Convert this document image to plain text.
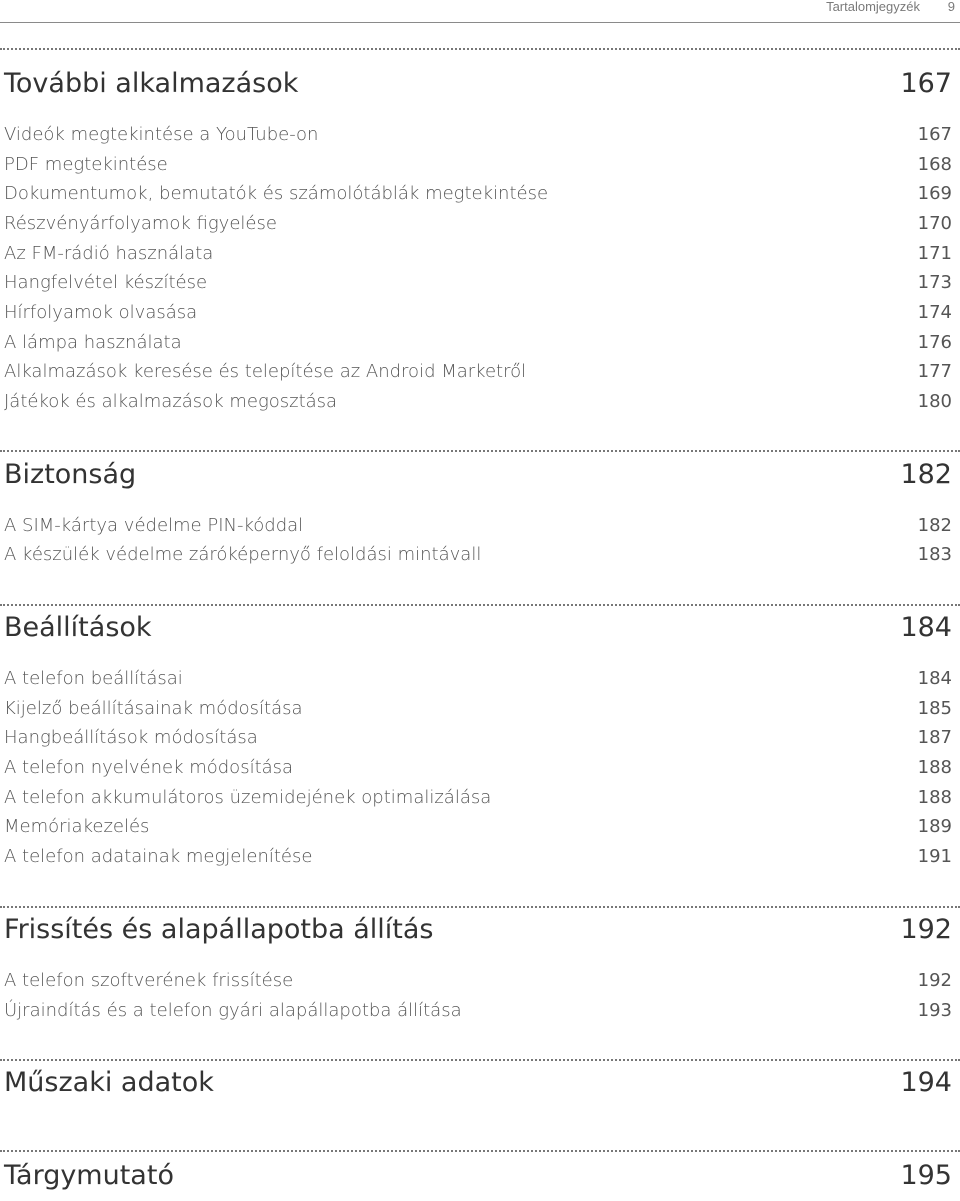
Tartalomjegyzék 9
További alkalmazások	167
Videók megtekintése a YouTube-on	167
PDF megtekintése	168
Dokumentumok, bemutatók és számolótáblák megtekintése	169
Részvényárfolyamok figyelése	170
Az FM-rádió használata	171
Hangfelvétel készítése	173
Hírfolyamok olvasása	174
A lámpa használata	176
Alkalmazások keresése és telepítése az Android Marketről	177
Játékok és alkalmazások megosztása	180
Biztonság	182
A SIM-kártya védelme PIN-kóddal	182
A készülék védelme záróképernyő feloldási mintávall	183
Beállítások	184
A telefon beállításai	184
Kijelző beállításainak módosítása	185
Hangbeállítások módosítása	187
A telefon nyelvének módosítása	188
A telefon akkumulátoros üzemidejének optimalizálása	188
Memóriakezelés	189
A telefon adatainak megjelenítése	191
Frissítés és alapállapotba állítás	192
A telefon szoftverének frissítése	192
Újraindítás és a telefon gyári alapállapotba állítása	193
Műszaki adatok	194
Tárgymutató	195
